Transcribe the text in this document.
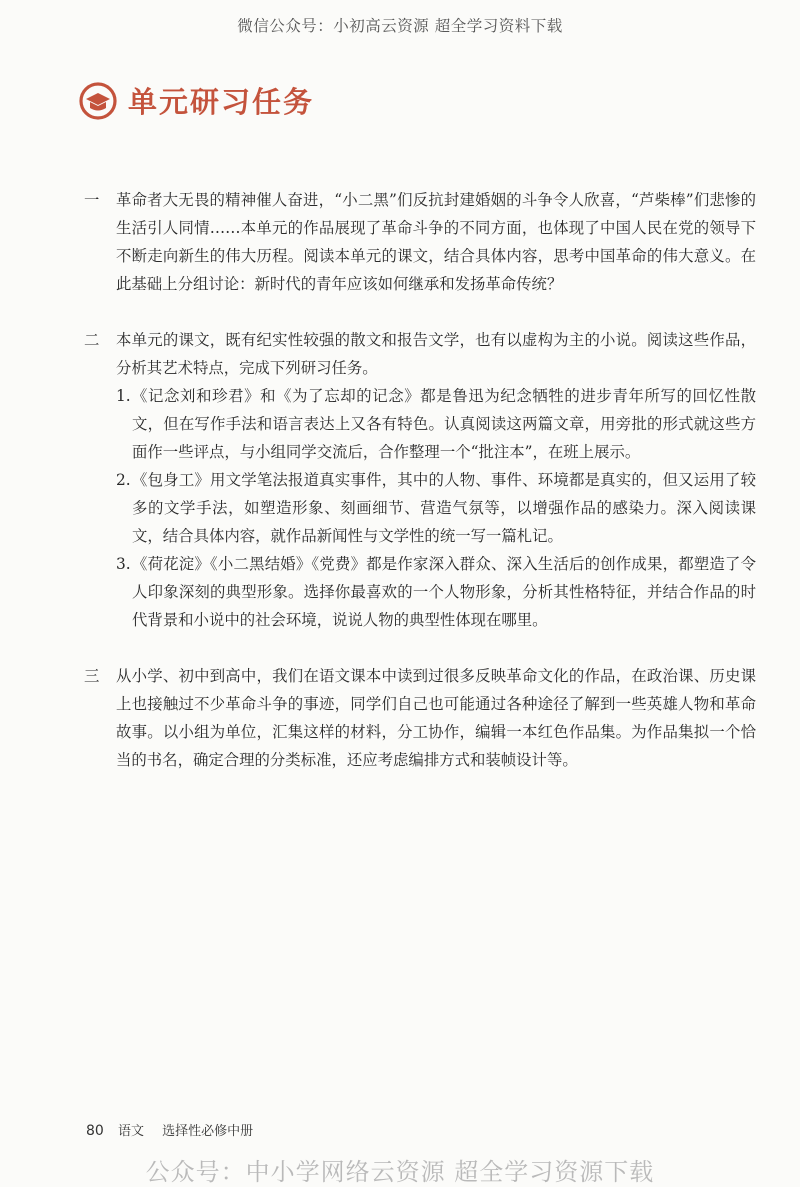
微信公众号：小初高云资源 超全学习资料下载
单元研习任务
一	革命者大无畏的精神催人奋进，“小二黑”们反抗封建婚姻的斗争令人欣喜，“芦柴棒”们悲惨的生活引人同情……本单元的作品展现了革命斗争的不同方面，也体现了中国人民在党的领导下不断走向新生的伟大历程。阅读本单元的课文，结合具体内容，思考中国革命的伟大意义。在此基础上分组讨论：新时代的青年应该如何继承和发扬革命传统？
二	本单元的课文，既有纪实性较强的散文和报告文学，也有以虚构为主的小说。阅读这些作品，分析其艺术特点，完成下列研习任务。
1. 《记念刘和珍君》和《为了忘却的记念》都是鲁迅为纪念牺牲的进步青年所写的回忆性散文，但在写作手法和语言表达上又各有特色。认真阅读这两篇文章，用旁批的形式就这些方面作一些评点，与小组同学交流后，合作整理一个“批注本”，在班上展示。
2. 《包身工》用文学笔法报道真实事件，其中的人物、事件、环境都是真实的，但又运用了较多的文学手法，如塑造形象、刻画细节、营造气氛等，以增强作品的感染力。深入阅读课文，结合具体内容，就作品新闻性与文学性的统一写一篇札记。
3. 《荷花淀》《小二黑结婚》《党费》都是作家深入群众、深入生活后的创作成果，都塑造了令人印象深刻的典型形象。选择你最喜欢的一个人物形象，分析其性格特征，并结合作品的时代背景和小说中的社会环境，说说人物的典型性体现在哪里。
三	从小学、初中到高中，我们在语文课本中读到过很多反映革命文化的作品，在政治课、历史课上也接触过不少革命斗争的事迹，同学们自己也可能通过各种途径了解到一些英雄人物和革命故事。以小组为单位，汇集这样的材料，分工协作，编辑一本红色作品集。为作品集拟一个恰当的书名，确定合理的分类标准，还应考虑编排方式和装帧设计等。
80 语文 选择性必修中册
公众号：中小学网络云资源 超全学习资源下载
